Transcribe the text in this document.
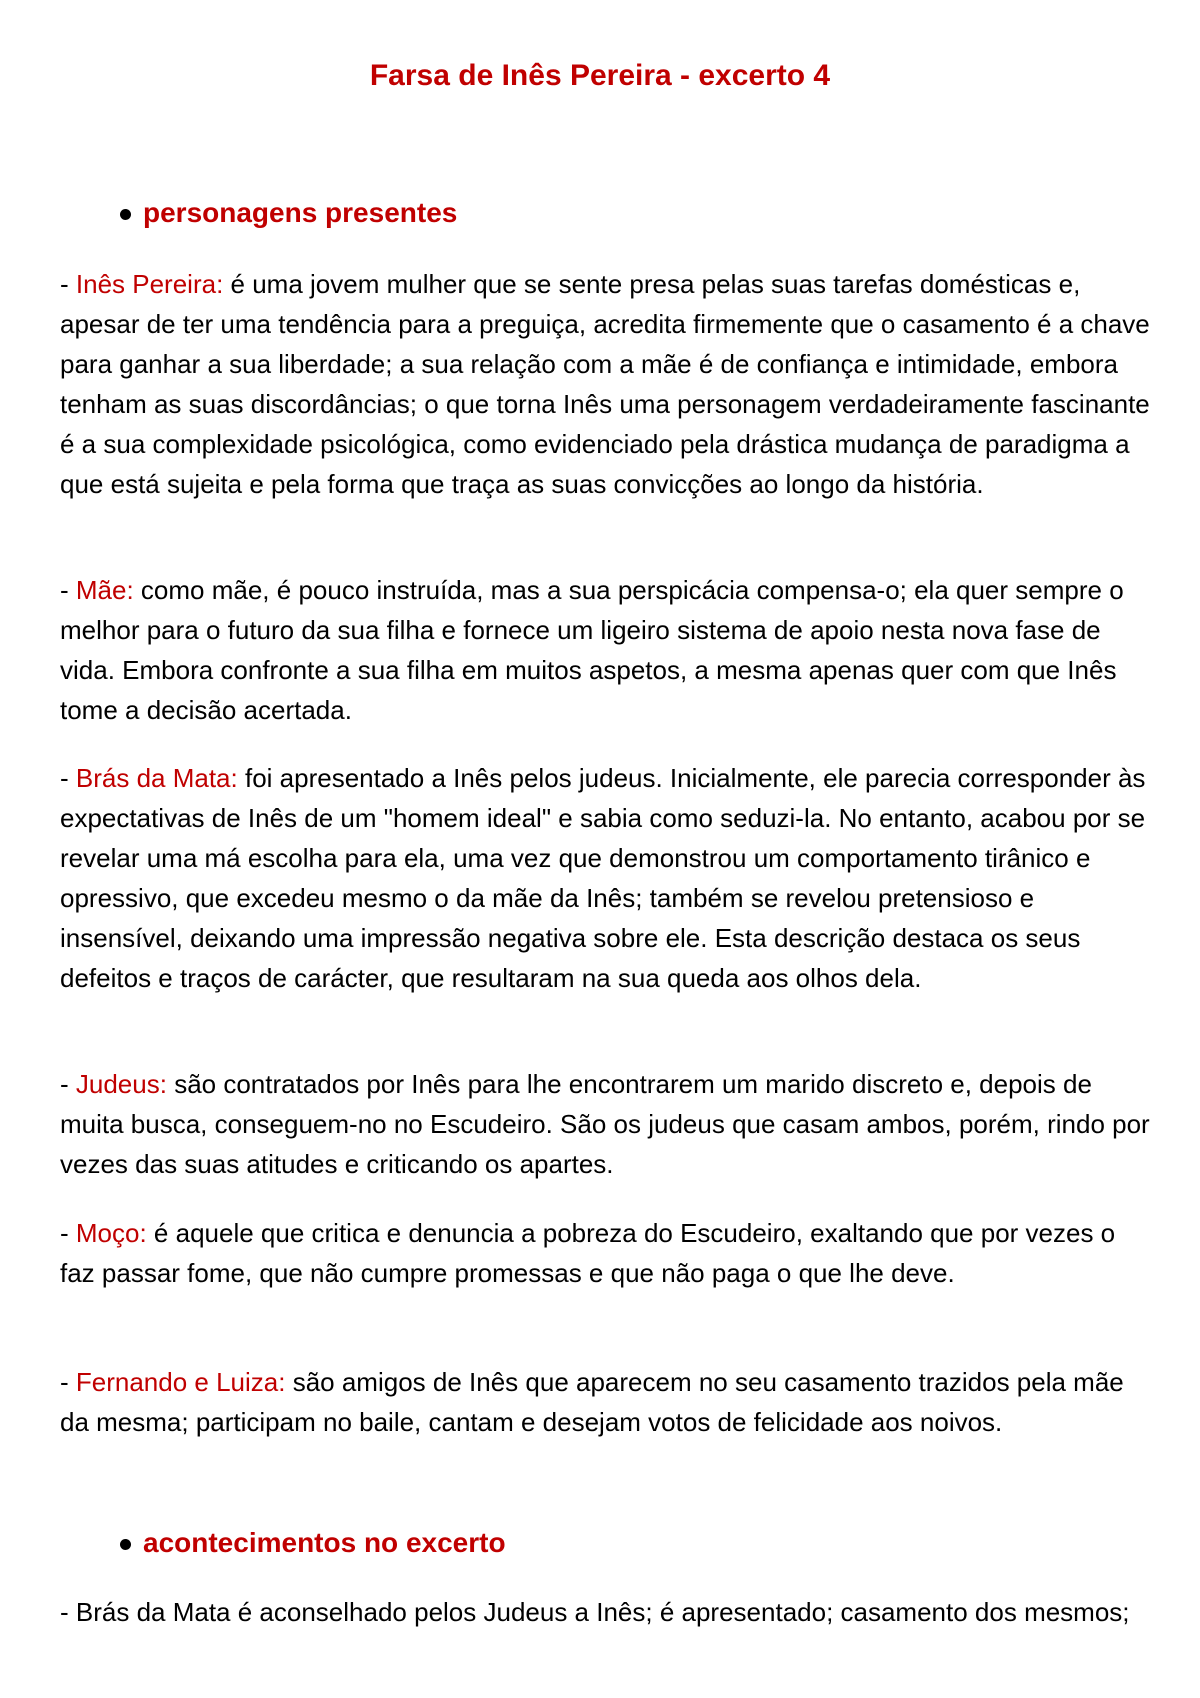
Farsa de Inês Pereira - excerto 4
personagens presentes

- Inês Pereira: é uma jovem mulher que se sente presa pelas suas tarefas domésticas e, apesar de ter uma tendência para a preguiça, acredita firmemente que o casamento é a chave para ganhar a sua liberdade; a sua relação com a mãe é de confiança e intimidade, embora tenham as suas discordâncias; o que torna Inês uma personagem verdadeiramente fascinante é a sua complexidade psicológica, como evidenciado pela drástica mudança de paradigma a que está sujeita e pela forma que traça as suas convicções ao longo da história.

- Mãe: como mãe, é pouco instruída, mas a sua perspicácia compensa-o; ela quer sempre o melhor para o futuro da sua filha e fornece um ligeiro sistema de apoio nesta nova fase de vida. Embora confronte a sua filha em muitos aspetos, a mesma apenas quer com que Inês tome a decisão acertada.

- Brás da Mata: foi apresentado a Inês pelos judeus. Inicialmente, ele parecia corresponder às expectativas de Inês de um "homem ideal" e sabia como seduzi-la. No entanto, acabou por se revelar uma má escolha para ela, uma vez que demonstrou um comportamento tirânico e opressivo, que excedeu mesmo o da mãe da Inês; também se revelou pretensioso e insensível, deixando uma impressão negativa sobre ele. Esta descrição destaca os seus defeitos e traços de carácter, que resultaram na sua queda aos olhos dela.

- Judeus: são contratados por Inês para lhe encontrarem um marido discreto e, depois de muita busca, conseguem-no no Escudeiro. São os judeus que casam ambos, porém, rindo por vezes das suas atitudes e criticando os apartes.

- Moço: é aquele que critica e denuncia a pobreza do Escudeiro, exaltando que por vezes o faz passar fome, que não cumpre promessas e que não paga o que lhe deve.

- Fernando e Luiza: são amigos de Inês que aparecem no seu casamento trazidos pela mãe da mesma; participam no baile, cantam e desejam votos de felicidade aos noivos.

acontecimentos no excerto

- Brás da Mata é aconselhado pelos Judeus a Inês; é apresentado; casamento dos mesmos;
